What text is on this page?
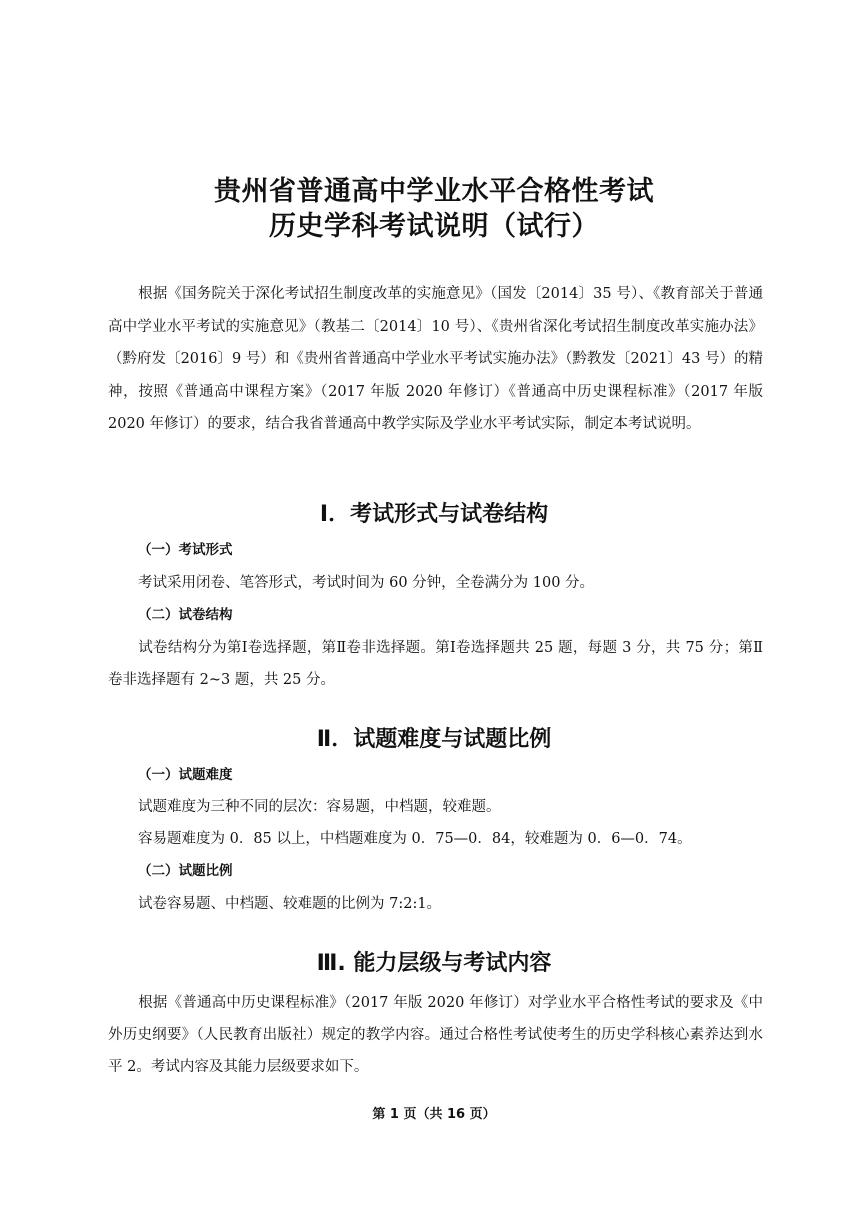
贵州省普通高中学业水平合格性考试
历史学科考试说明（试行）
根据《国务院关于深化考试招生制度改革的实施意见》（国发〔2014〕35 号）、《教育部关于普通高中学业水平考试的实施意见》（教基二〔2014〕10 号）、《贵州省深化考试招生制度改革实施办法》（黔府发〔2016〕9 号）和《贵州省普通高中学业水平考试实施办法》（黔教发〔2021〕43 号）的精神，按照《普通高中课程方案》（2017 年版 2020 年修订）《普通高中历史课程标准》（2017 年版 2020 年修订）的要求，结合我省普通高中教学实际及学业水平考试实际，制定本考试说明。
Ⅰ．考试形式与试卷结构
（一）考试形式
考试采用闭卷、笔答形式，考试时间为 60 分钟，全卷满分为 100 分。
（二）试卷结构
试卷结构分为第Ⅰ卷选择题，第Ⅱ卷非选择题。第Ⅰ卷选择题共 25 题，每题 3 分，共 75 分；第Ⅱ卷非选择题有 2~3 题，共 25 分。
Ⅱ．试题难度与试题比例
（一）试题难度
试题难度为三种不同的层次：容易题，中档题，较难题。
容易题难度为 0．85 以上，中档题难度为 0．75—0．84，较难题为 0．6—0．74。
（二）试题比例
试卷容易题、中档题、较难题的比例为 7:2:1。
Ⅲ. 能力层级与考试内容
根据《普通高中历史课程标准》（2017 年版 2020 年修订）对学业水平合格性考试的要求及《中外历史纲要》（人民教育出版社）规定的教学内容。通过合格性考试使考生的历史学科核心素养达到水平 2。考试内容及其能力层级要求如下。
第 1 页（共 16 页）
